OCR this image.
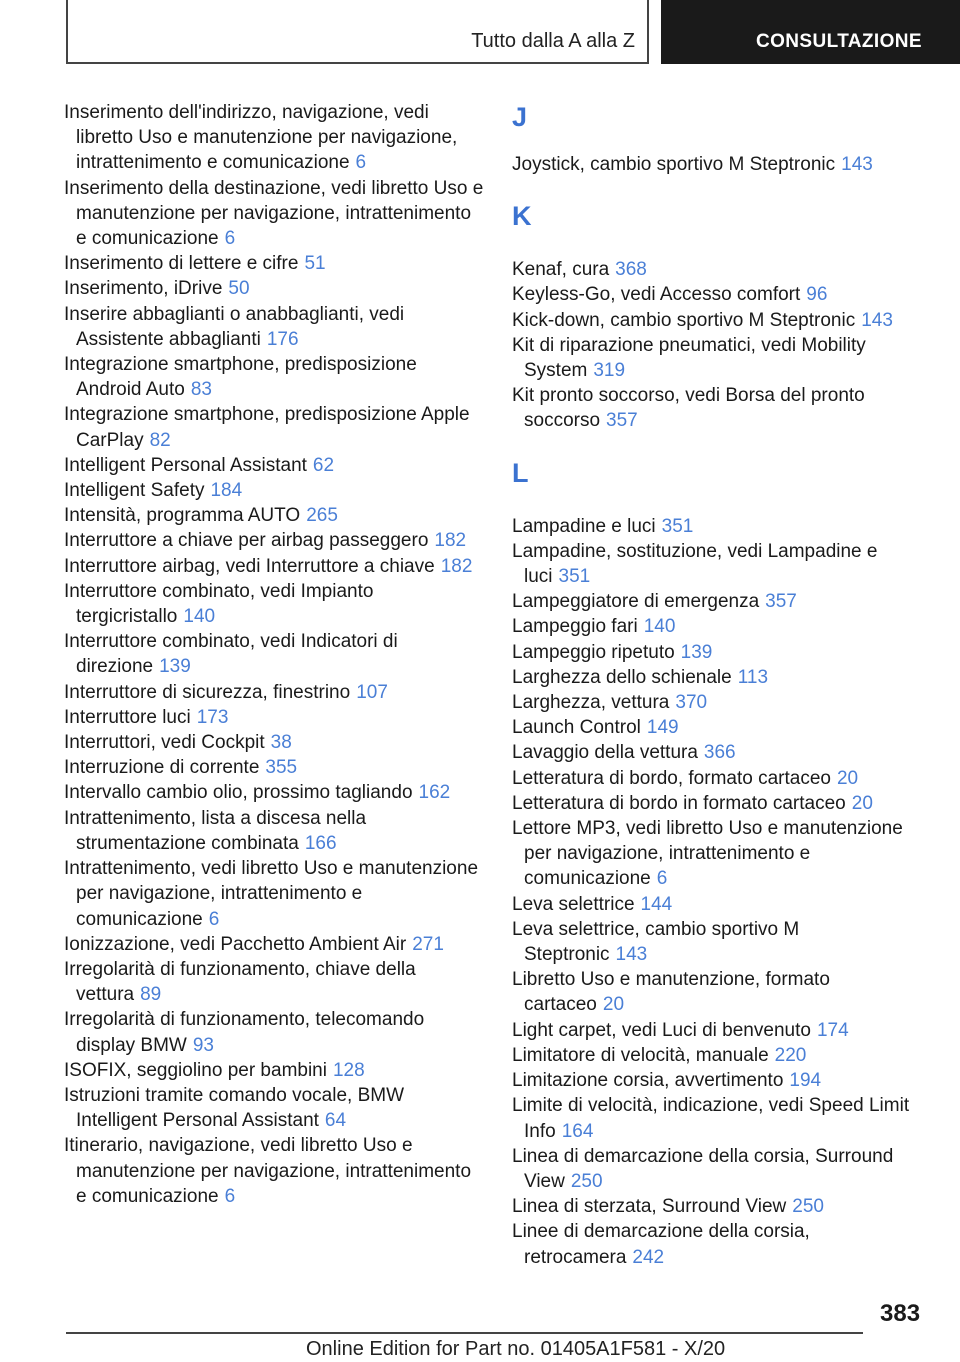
Tutto dalla A alla Z	CONSULTAZIONE
Inserimento dell'indirizzo, navigazione, vedi libretto Uso e manutenzione per navigazione, intrattenimento e comunicazione 6
Inserimento della destinazione, vedi libretto Uso e manutenzione per navigazione, intrattenimento e comunicazione 6
Inserimento di lettere e cifre 51
Inserimento, iDrive 50
Inserire abbaglianti o anabbaglianti, vedi Assistente abbaglianti 176
Integrazione smartphone, predisposizione Android Auto 83
Integrazione smartphone, predisposizione Apple CarPlay 82
Intelligent Personal Assistant 62
Intelligent Safety 184
Intensità, programma AUTO 265
Interruttore a chiave per airbag passeggero 182
Interruttore airbag, vedi Interruttore a chiave 182
Interruttore combinato, vedi Impianto tergicristallo 140
Interruttore combinato, vedi Indicatori di direzione 139
Interruttore di sicurezza, finestrino 107
Interruttore luci 173
Interruttori, vedi Cockpit 38
Interruzione di corrente 355
Intervallo cambio olio, prossimo tagliando 162
Intrattenimento, lista a discesa nella strumentazione combinata 166
Intrattenimento, vedi libretto Uso e manutenzione per navigazione, intrattenimento e comunicazione 6
Ionizzazione, vedi Pacchetto Ambient Air 271
Irregolarità di funzionamento, chiave della vettura 89
Irregolarità di funzionamento, telecomando display BMW 93
ISOFIX, seggiolino per bambini 128
Istruzioni tramite comando vocale, BMW Intelligent Personal Assistant 64
Itinerario, navigazione, vedi libretto Uso e manutenzione per navigazione, intrattenimento e comunicazione 6
J
Joystick, cambio sportivo M Steptronic 143
K
Kenaf, cura 368
Keyless-Go, vedi Accesso comfort 96
Kick-down, cambio sportivo M Steptronic 143
Kit di riparazione pneumatici, vedi Mobility System 319
Kit pronto soccorso, vedi Borsa del pronto soccorso 357
L
Lampadine e luci 351
Lampadine, sostituzione, vedi Lampadine e luci 351
Lampeggiatore di emergenza 357
Lampeggio fari 140
Lampeggio ripetuto 139
Larghezza dello schienale 113
Larghezza, vettura 370
Launch Control 149
Lavaggio della vettura 366
Letteratura di bordo, formato cartaceo 20
Letteratura di bordo in formato cartaceo 20
Lettore MP3, vedi libretto Uso e manutenzione per navigazione, intrattenimento e comunicazione 6
Leva selettrice 144
Leva selettrice, cambio sportivo M Steptronic 143
Libretto Uso e manutenzione, formato cartaceo 20
Light carpet, vedi Luci di benvenuto 174
Limitatore di velocità, manuale 220
Limitazione corsia, avvertimento 194
Limite di velocità, indicazione, vedi Speed Limit Info 164
Linea di demarcazione della corsia, Surround View 250
Linea di sterzata, Surround View 250
Linee di demarcazione della corsia, retrocamera 242
383
Online Edition for Part no. 01405A1F581 - X/20
